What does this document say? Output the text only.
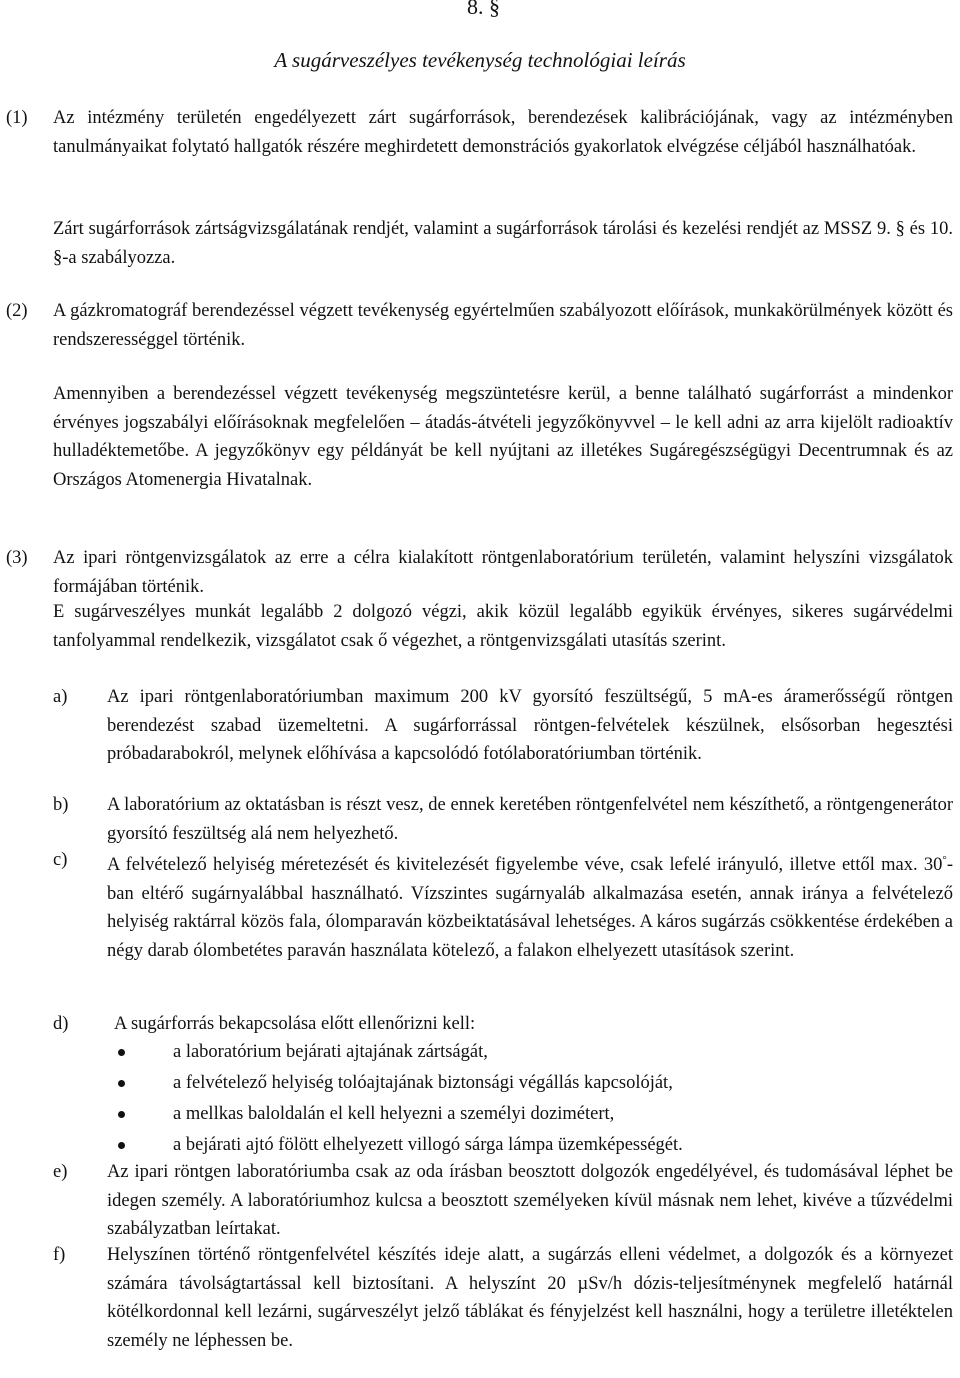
8. §
A sugárveszélyes tevékenység technológiai leírás

(1) Az intézmény területén engedélyezett zárt sugárforrások, berendezések kalibrációjának, vagy az intézményben tanulmányaikat folytató hallgatók részére meghirdetett demonstrációs gyakorlatok elvégzése céljából használhatóak.

Zárt sugárforrások zártságvizsgálatának rendjét, valamint a sugárforrások tárolási és kezelési rendjét az MSSZ 9. § és 10. §-a szabályozza.

(2) A gázkromatográf berendezéssel végzett tevékenység egyértelműen szabályozott előírások, munkakörülmények között és rendszerességgel történik.

Amennyiben a berendezéssel végzett tevékenység megszüntetésre kerül, a benne található sugárforrást a mindenkor érvényes jogszabályi előírásoknak megfelelően – átadás-átvételi jegyzőkönyvvel – le kell adni az arra kijelölt radioaktív hulladéktemetőbe. A jegyzőkönyv egy példányát be kell nyújtani az illetékes Sugáregészségügyi Decentrumnak és az Országos Atomenergia Hivatalnak.

(3) Az ipari röntgenvizsgálatok az erre a célra kialakított röntgenlaboratórium területén, valamint helyszíni vizsgálatok formájában történik.

E sugárveszélyes munkát legalább 2 dolgozó végzi, akik közül legalább egyikük érvényes, sikeres sugárvédelmi tanfolyammal rendelkezik, vizsgálatot csak ő végezhet, a röntgenvizsgálati utasítás szerint.

a) Az ipari röntgenlaboratóriumban maximum 200 kV gyorsító feszültségű, 5 mA-es áramerősségű röntgen berendezést szabad üzemeltetni. A sugárforrással röntgen-felvételek készülnek, elsősorban hegesztési próbadarabokról, melynek előhívása a kapcsolódó fotólaboratóriumban történik.

b) A laboratórium az oktatásban is részt vesz, de ennek keretében röntgenfelvétel nem készíthető, a röntgengenerátor gyorsító feszültség alá nem helyezhető.

c) A felvételező helyiség méretezését és kivitelezését figyelembe véve, csak lefelé irányuló, illetve ettől max. 30°-ban eltérő sugárnyalábbal használható. Vízszintes sugárnyaláb alkalmazása esetén, annak iránya a felvételező helyiség raktárral közös fala, ólomparaván közbeiktatásával lehetséges. A káros sugárzás csökkentése érdekében a négy darab ólombetétes paraván használata kötelező, a falakon elhelyezett utasítások szerint.

d) A sugárforrás bekapcsolása előtt ellenőrizni kell:

a laboratórium bejárati ajtajának zártságát,

a felvételező helyiség tolóajtajának biztonsági végállás kapcsolóját,

a mellkas baloldalán el kell helyezni a személyi dozimétert,

a bejárati ajtó fölött elhelyezett villogó sárga lámpa üzemképességét.

e) Az ipari röntgen laboratóriumba csak az oda írásban beosztott dolgozók engedélyével, és tudomásával léphet be idegen személy. A laboratóriumhoz kulcsa a beosztott személyeken kívül másnak nem lehet, kivéve a tűzvédelmi szabályzatban leírtakat.

f) Helyszínen történő röntgenfelvétel készítés ideje alatt, a sugárzás elleni védelmet, a dolgozók és a környezet számára távolságtartással kell biztosítani. A helyszínt 20 µSv/h dózis-teljesítménynek megfelelő határnál kötélkordonnal kell lezárni, sugárveszélyt jelző táblákat és fényjelzést kell használni, hogy a területre illetéktelen személy ne léphessen be.
